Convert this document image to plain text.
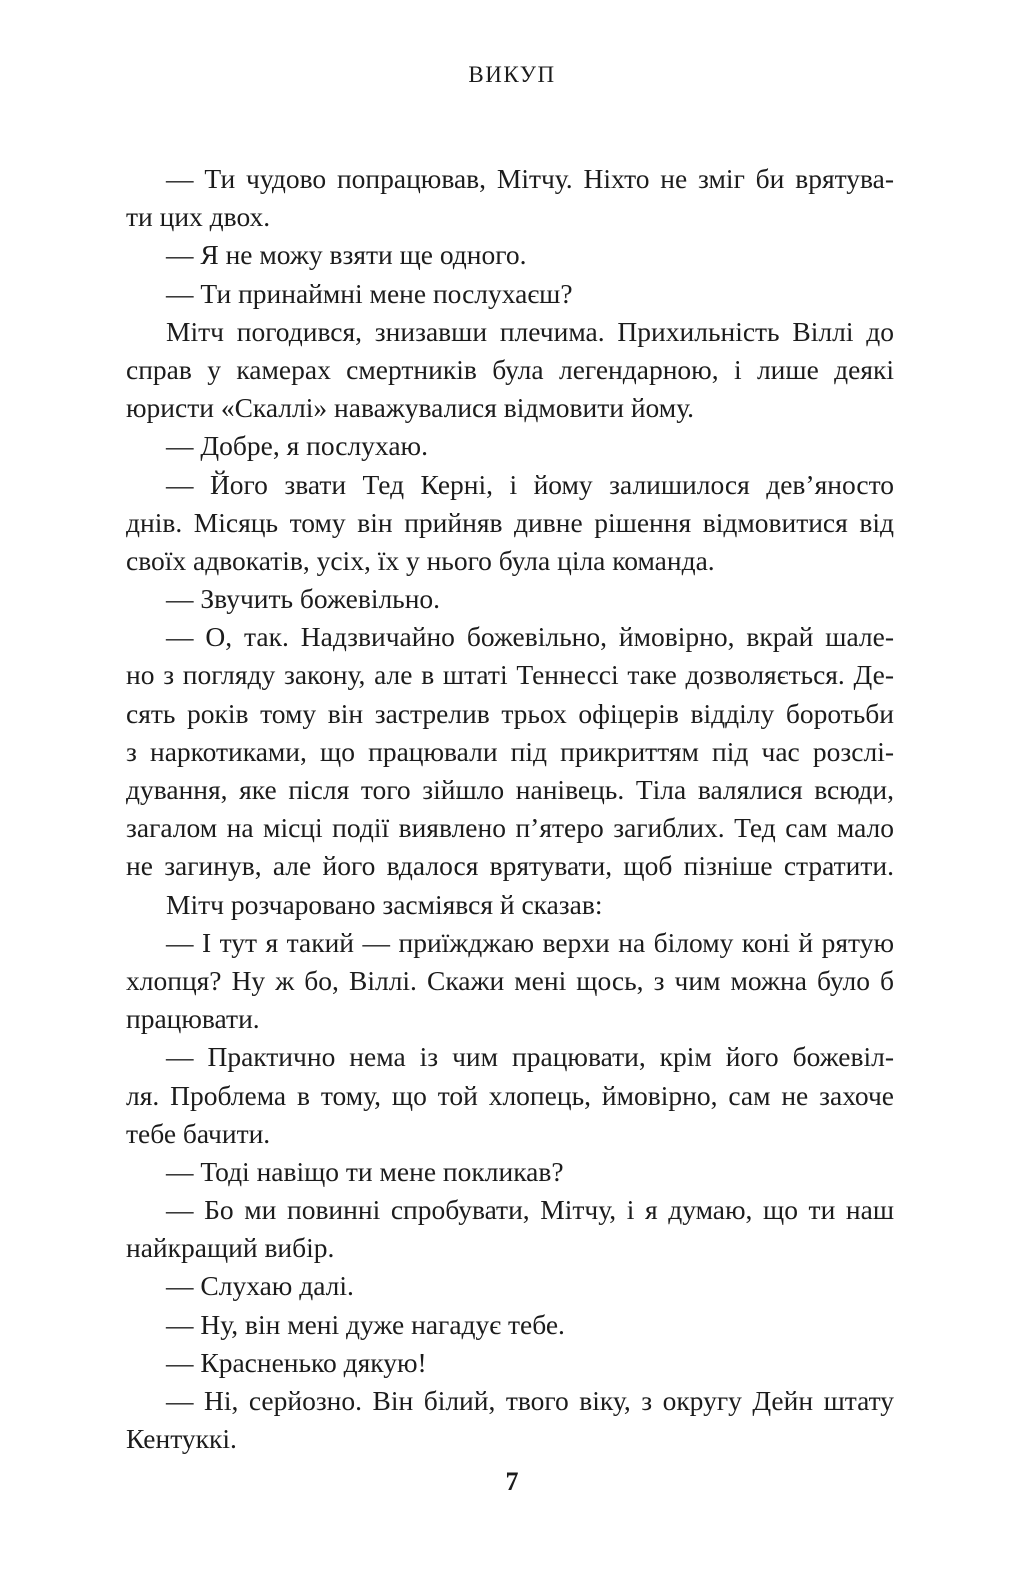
ВИКУП
— Ти чудово попрацював, Мітчу. Ніхто не зміг би врятува-
ти цих двох.
— Я не можу взяти ще одного.
— Ти принаймні мене послухаєш?
Мітч погодився, знизавши плечима. Прихильність Віллі до
справ у камерах смертників була легендарною, і лише деякі
юристи «Скаллі» наважувалися відмовити йому.
— Добре, я послухаю.
— Його звати Тед Керні, і йому залишилося дев’яносто
днів. Місяць тому він прийняв дивне рішення відмовитися від
своїх адвокатів, усіх, їх у нього була ціла команда.
— Звучить божевільно.
— О, так. Надзвичайно божевільно, ймовірно, вкрай шале-
но з погляду закону, але в штаті Теннессі таке дозволяється. Де-
сять років тому він застрелив трьох офіцерів відділу боротьби
з наркотиками, що працювали під прикриттям під час розслі-
дування, яке після того зійшло нанівець. Тіла валялися всюди,
загалом на місці події виявлено п’ятеро загиблих. Тед сам мало
не загинув, але його вдалося врятувати, щоб пізніше стратити.
Мітч розчаровано засміявся й сказав:
— І тут я такий — приїжджаю верхи на білому коні й рятую
хлопця? Ну ж бо, Віллі. Скажи мені щось, з чим можна було б
працювати.
— Практично нема із чим працювати, крім його божевіл-
ля. Проблема в тому, що той хлопець, ймовірно, сам не захоче
тебе бачити.
— Тоді навіщо ти мене покликав?
— Бо ми повинні спробувати, Мітчу, і я думаю, що ти наш
найкращий вибір.
— Слухаю далі.
— Ну, він мені дуже нагадує тебе.
— Красненько дякую!
— Ні, серйозно. Він білий, твого віку, з округу Дейн штату
Кентуккі.
7
